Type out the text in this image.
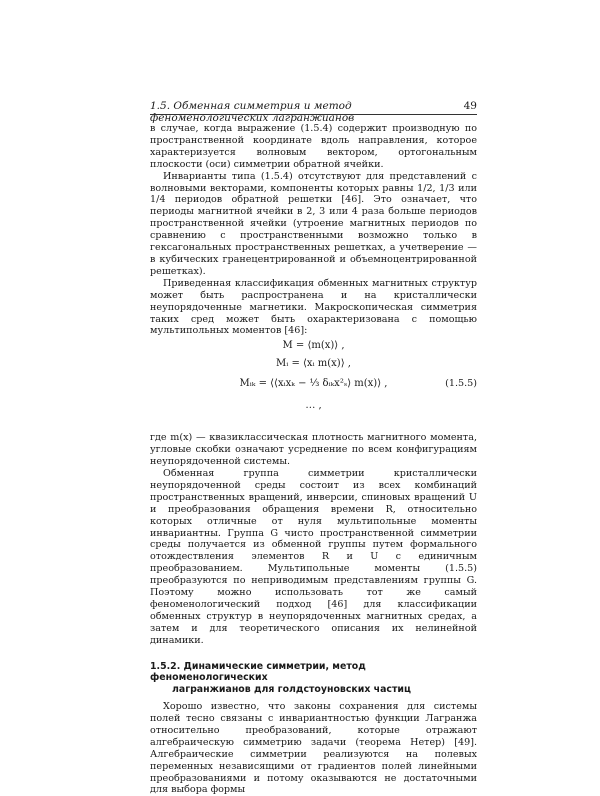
1.5. Обменная симметрия и метод феноменологических лагранжианов
49

в случае, когда выражение (1.5.4) содержит производную по пространственной координате вдоль направления, которое характеризуется волновым вектором, ортогональным плоскости (оси) симметрии обратной ячейки.

Инварианты типа (1.5.4) отсутствуют для представлений с волновыми векторами, компоненты которых равны 1/2, 1/3 или 1/4 периодов обратной решетки [46]. Это означает, что периоды магнитной ячейки в 2, 3 или 4 раза больше периодов пространственной ячейки (утроение магнитных периодов по сравнению с пространственными возможно только в гексагональных пространственных решетках, а учетверение — в кубических гранецентрированной и объемноцентрированной решетках).

Приведенная классификация обменных магнитных структур может быть распространена и на кристаллически неупорядоченные магнетики. Макроскопическая симметрия таких сред может быть охарактеризована с помощью мультипольных моментов [46]:

M = ⟨m(x)⟩ ,
Mᵢ = ⟨xᵢ m(x)⟩ ,
Mᵢₖ = ⟨⟨xᵢxₖ − ⅓ δᵢₖx²ₛ⟩ m(x)⟩ ,
… ,
(1.5.5)

где m(x) — квазиклассическая плотность магнитного момента, угловые скобки означают усреднение по всем конфигурациям неупорядоченной системы.

Обменная группа симметрии кристаллически неупорядоченной среды состоит из всех комбинаций пространственных вращений, инверсии, спиновых вращений U и преобразования обращения времени R, относительно которых отличные от нуля мультипольные моменты инвариантны. Группа G чисто пространственной симметрии среды получается из обменной группы путем формального отождествления элементов R и U с единичным преобразованием. Мультипольные моменты (1.5.5) преобразуются по неприводимым представлениям группы G. Поэтому можно использовать тот же самый феноменологический подход [46] для классификации обменных структур в неупорядоченных магнитных средах, а затем и для теоретического описания их нелинейной динамики.

1.5.2. Динамические симметрии, метод феноменологических
лагранжианов для голдстоуновских частиц

Хорошо известно, что законы сохранения для системы полей тесно связаны с инвариантностью функции Лагранжа относительно преобразований, которые отражают алгебраическую симметрию задачи (теорема Нетер) [49]. Алгебраические симметрии реализуются на полевых переменных независящими от градиентов полей линейными преобразованиями и потому оказываются не достаточными для выбора формы
